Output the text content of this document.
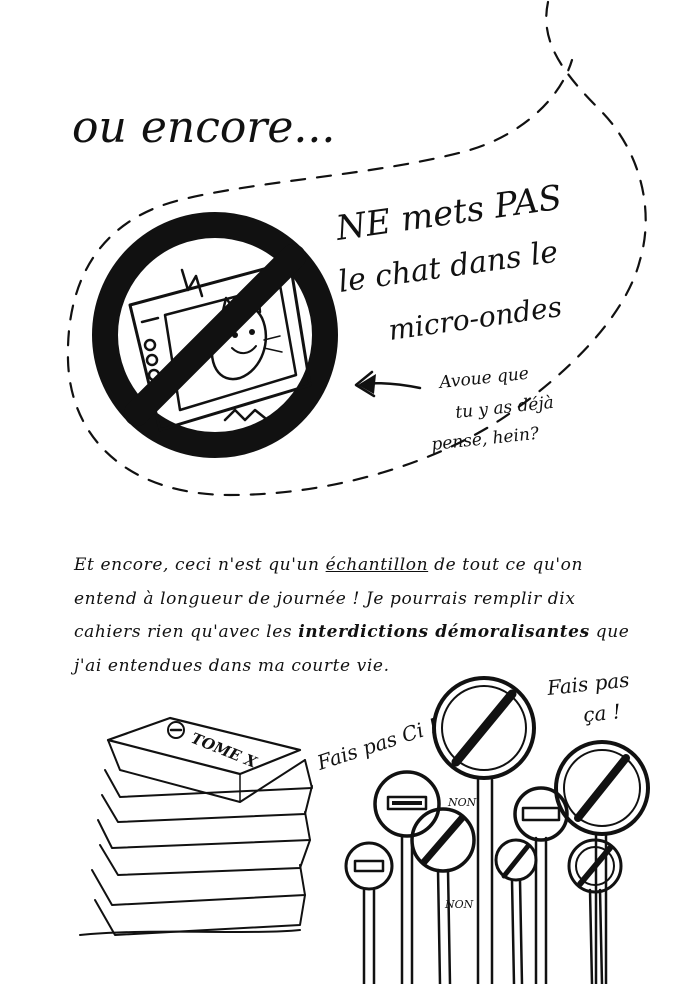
ou encore...
NE mets PAS
le chat dans le
micro-ondes
Avoue que
tu y as déjà
pensé, hein?
TOME X	Fais pas Ci !
Fais pas
ça !
NON
NON

Et encore, ceci n'est qu'un échantillon de tout ce qu'on entend à longueur de journée ! Je pourrais remplir dix cahiers rien qu'avec les interdictions démoralisantes que j'ai entendues dans ma courte vie.
